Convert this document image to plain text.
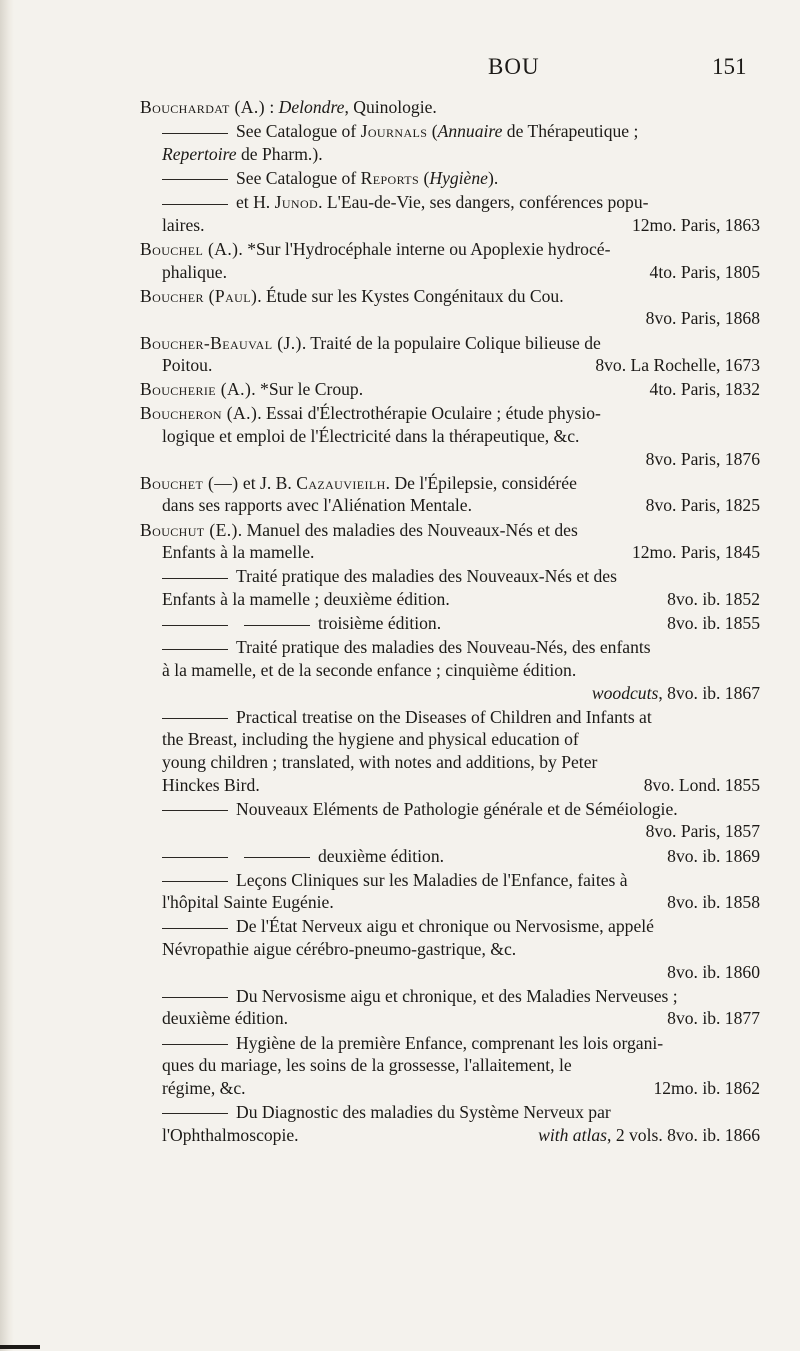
BOU	151
Bouchardat (A.) : Delondre, Quinologie.
See Catalogue of Journals (Annuaire de Thérapeutique ;
Repertoire de Pharm.).
See Catalogue of Reports (Hygiène).
et H. Junod. L'Eau-de-Vie, ses dangers, conférences popu-
laires.	12mo. Paris, 1863
Bouchel (A.). *Sur l'Hydrocéphale interne ou Apoplexie hydrocé-
phalique.	4to. Paris, 1805
Boucher (Paul). Étude sur les Kystes Congénitaux du Cou.
8vo. Paris, 1868
Boucher-Beauval (J.). Traité de la populaire Colique bilieuse de
Poitou.	8vo. La Rochelle, 1673
Boucherie (A.). *Sur le Croup.	4to. Paris, 1832
Boucheron (A.). Essai d'Électrothérapie Oculaire ; étude physio-
logique et emploi de l'Électricité dans la thérapeutique, &c.
8vo. Paris, 1876
Bouchet (—) et J. B. Cazauvieilh. De l'Épilepsie, considérée
dans ses rapports avec l'Aliénation Mentale.	8vo. Paris, 1825
Bouchut (E.). Manuel des maladies des Nouveaux-Nés et des
Enfants à la mamelle.	12mo. Paris, 1845
Traité pratique des maladies des Nouveaux-Nés et des
Enfants à la mamelle ; deuxième édition.	8vo. ib. 1852
troisième édition.	8vo. ib. 1855
Traité pratique des maladies des Nouveau-Nés, des enfants
à la mamelle, et de la seconde enfance ; cinquième édition.
woodcuts, 8vo. ib. 1867
Practical treatise on the Diseases of Children and Infants at
the Breast, including the hygiene and physical education of
young children ; translated, with notes and additions, by Peter
Hinckes Bird.	8vo. Lond. 1855
Nouveaux Eléments de Pathologie générale et de Séméiologie.
8vo. Paris, 1857
deuxième édition.	8vo. ib. 1869
Leçons Cliniques sur les Maladies de l'Enfance, faites à
l'hôpital Sainte Eugénie.	8vo. ib. 1858
De l'État Nerveux aigu et chronique ou Nervosisme, appelé
Névropathie aigue cérébro-pneumo-gastrique, &c.
8vo. ib. 1860
Du Nervosisme aigu et chronique, et des Maladies Nerveuses ;
deuxième édition.	8vo. ib. 1877
Hygiène de la première Enfance, comprenant les lois organi-
ques du mariage, les soins de la grossesse, l'allaitement, le
régime, &c.	12mo. ib. 1862
Du Diagnostic des maladies du Système Nerveux par
l'Ophthalmoscopie.	with atlas, 2 vols. 8vo. ib. 1866
